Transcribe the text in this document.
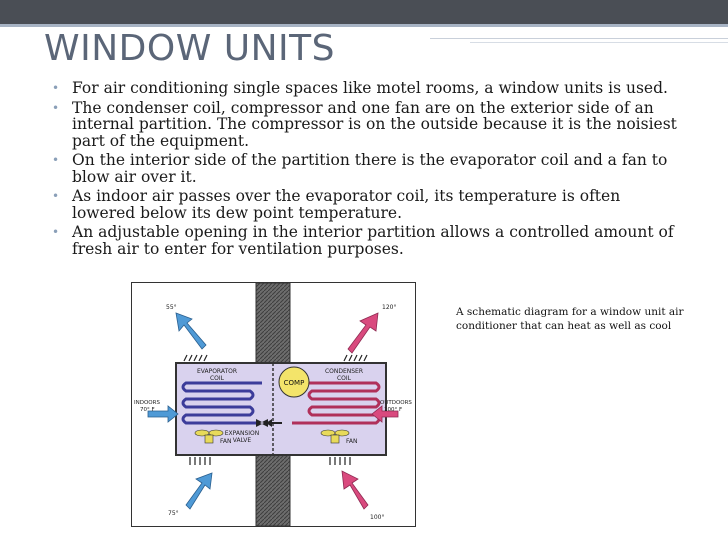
WINDOW UNITS
• For air conditioning single spaces like motel rooms, a window units is used.
• The condenser coil, compressor and one fan are on the exterior side of an internal partition. The compressor is on the outside because it is the noisiest part of the equipment.
• On the interior side of the partition there is the evaporator coil and a fan to blow air over it.
• As indoor air passes over the evaporator coil, its temperature is often lowered below its dew point temperature.
• An adjustable opening in the interior partition allows a controlled amount of fresh air to enter for ventilation purposes.
COMP
EVAPORATOR
COIL
CONDENSER
COIL
EXPANSION
VALVE
FAN	FAN
55°	120°
75°
100°
INDOORS
70° F
OUTDOORS
100° F

A schematic diagram for a window unit air conditioner that can heat as well as cool
